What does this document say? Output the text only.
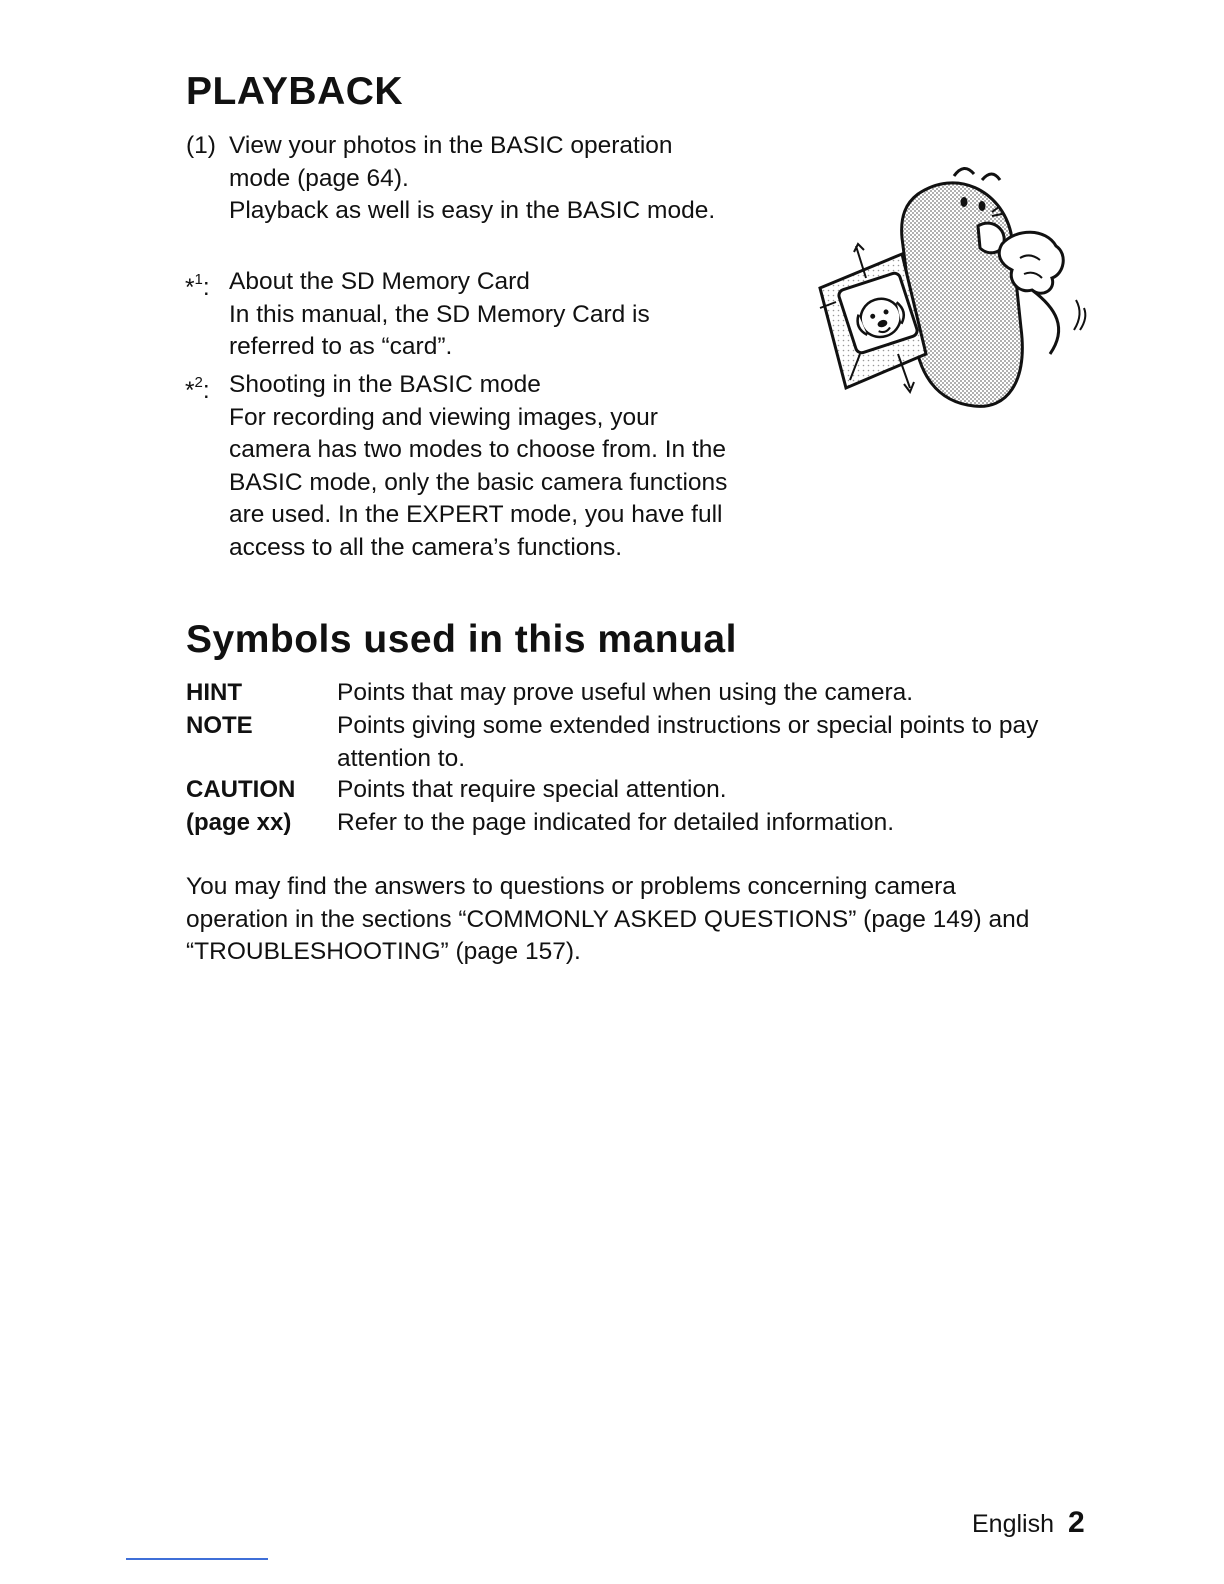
PLAYBACK
(1) View your photos in the BASIC operation
mode (page 64).
Playback as well is easy in the BASIC mode.
*$^1$: About the SD Memory Card
In this manual, the SD Memory Card is
referred to as “card”.
*$^2$: Shooting in the BASIC mode
For recording and viewing images, your
camera has two modes to choose from. In the
BASIC mode, only the basic camera functions
are used. In the EXPERT mode, you have full
access to all the camera’s functions.
Symbols used in this manual
HINT	Points that may prove useful when using the camera.
NOTE	Points giving some extended instructions or special points to pay
attention to.
CAUTION Points that require special attention.
(page xx) Refer to the page indicated for detailed information.
You may find the answers to questions or problems concerning camera
operation in the sections “COMMONLY ASKED QUESTIONS” (page 149) and
“TROUBLESHOOTING” (page 157).
English 2
